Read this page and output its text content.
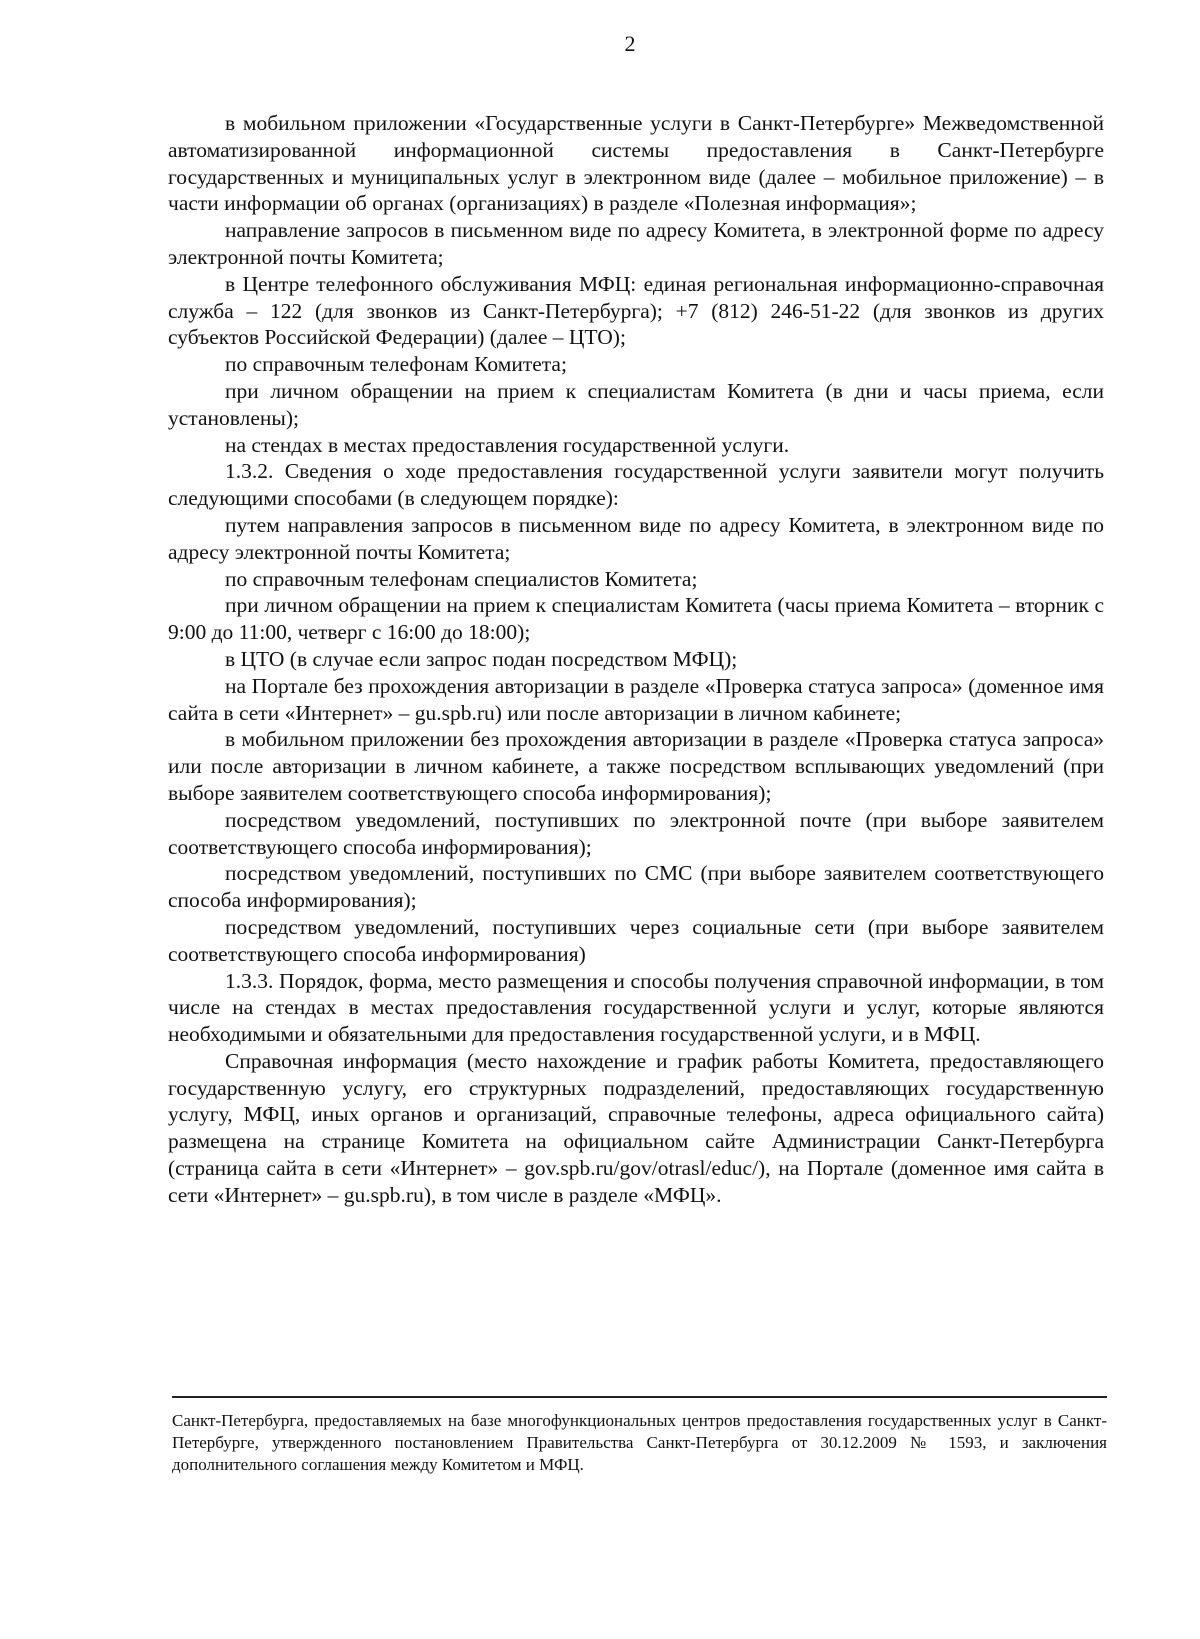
2

в мобильном приложении «Государственные услуги в Санкт-Петербурге» Межведомственной автоматизированной информационной системы предоставления в Санкт-Петербурге государственных и муниципальных услуг в электронном виде (далее – мобильное приложение) – в части информации об органах (организациях) в разделе «Полезная информация»;

направление запросов в письменном виде по адресу Комитета, в электронной форме по адресу электронной почты Комитета;

в Центре телефонного обслуживания МФЦ: единая региональная информационно-справочная служба – 122 (для звонков из Санкт-Петербурга); +7 (812) 246-51-22 (для звонков из других субъектов Российской Федерации) (далее – ЦТО);

по справочным телефонам Комитета;

при личном обращении на прием к специалистам Комитета (в дни и часы приема, если установлены);

на стендах в местах предоставления государственной услуги.

1.3.2. Сведения о ходе предоставления государственной услуги заявители могут получить следующими способами (в следующем порядке):

путем направления запросов в письменном виде по адресу Комитета, в электронном виде по адресу электронной почты Комитета;

по справочным телефонам специалистов Комитета;

при личном обращении на прием к специалистам Комитета (часы приема Комитета – вторник с 9:00 до 11:00, четверг с 16:00 до 18:00);

в ЦТО (в случае если запрос подан посредством МФЦ);

на Портале без прохождения авторизации в разделе «Проверка статуса запроса» (доменное имя сайта в сети «Интернет» – gu.spb.ru) или после авторизации в личном кабинете;

в мобильном приложении без прохождения авторизации в разделе «Проверка статуса запроса» или после авторизации в личном кабинете, а также посредством всплывающих уведомлений (при выборе заявителем соответствующего способа информирования);

посредством уведомлений, поступивших по электронной почте (при выборе заявителем соответствующего способа информирования);

посредством уведомлений, поступивших по СМС (при выборе заявителем соответствующего способа информирования);

посредством уведомлений, поступивших через социальные сети (при выборе заявителем соответствующего способа информирования)

1.3.3. Порядок, форма, место размещения и способы получения справочной информации, в том числе на стендах в местах предоставления государственной услуги и услуг, которые являются необходимыми и обязательными для предоставления государственной услуги, и в МФЦ.

Справочная информация (место нахождение и график работы Комитета, предоставляющего государственную услугу, его структурных подразделений, предоставляющих государственную услугу, МФЦ, иных органов и организаций, справочные телефоны, адреса официального сайта) размещена на странице Комитета на официальном сайте Администрации Санкт-Петербурга (страница сайта в сети «Интернет» – gov.spb.ru/gov/otrasl/educ/), на Портале (доменное имя сайта в сети «Интернет» – gu.spb.ru), в том числе в разделе «МФЦ».

Санкт-Петербурга, предоставляемых на базе многофункциональных центров предоставления государственных услуг в Санкт-Петербурге, утвержденного постановлением Правительства Санкт-Петербурга от 30.12.2009 № 1593, и заключения дополнительного соглашения между Комитетом и МФЦ.
